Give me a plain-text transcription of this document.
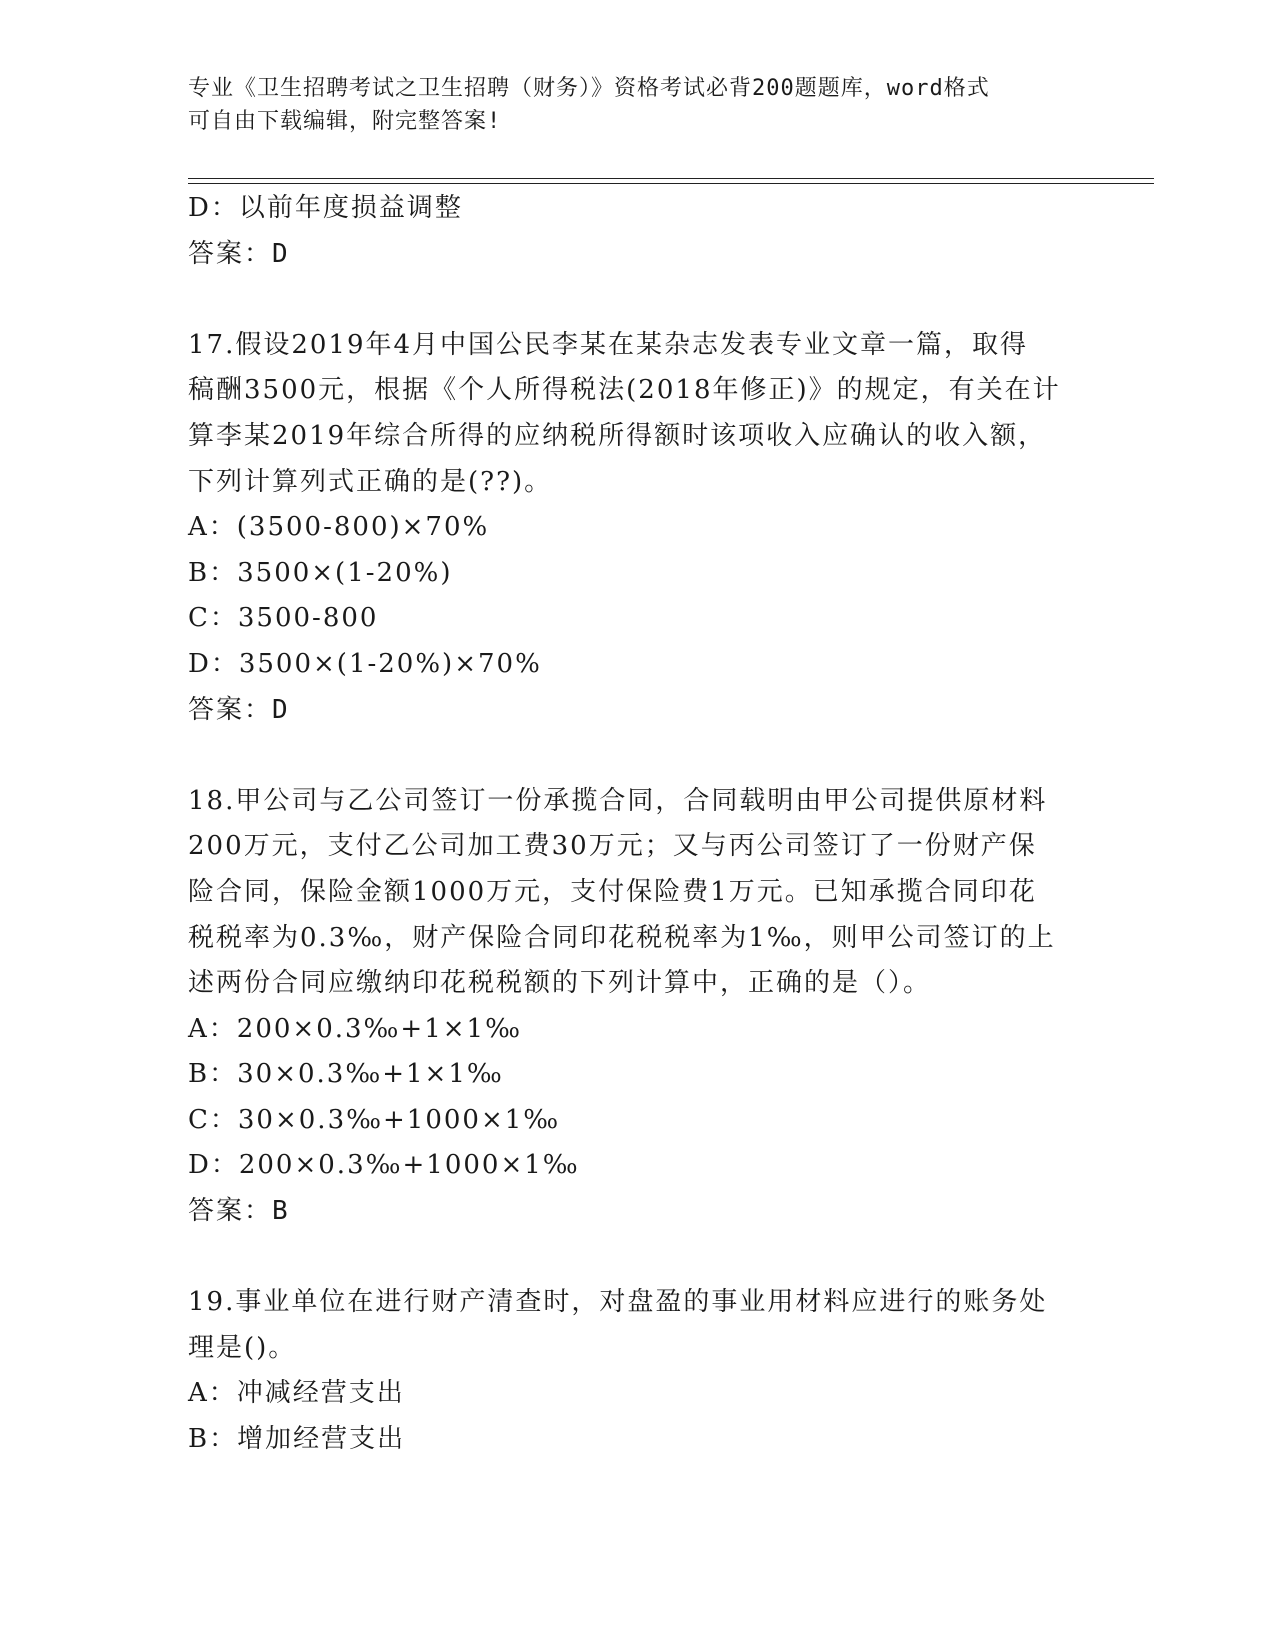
专业《卫生招聘考试之卫生招聘（财务）》资格考试必背200题题库，word格式
可自由下载编辑，附完整答案!
D：以前年度损益调整
答案：D
17.假设2019年4月中国公民李某在某杂志发表专业文章一篇，取得
稿酬3500元，根据《个人所得税法(2018年修正)》的规定，有关在计
算李某2019年综合所得的应纳税所得额时该项收入应确认的收入额，
下列计算列式正确的是(??)。
A：(3500-800)×70%
B：3500×(1-20%)
C：3500-800
D：3500×(1-20%)×70%
答案：D
18.甲公司与乙公司签订一份承揽合同，合同载明由甲公司提供原材料
200万元，支付乙公司加工费30万元；又与丙公司签订了一份财产保
险合同，保险金额1000万元，支付保险费1万元。已知承揽合同印花
税税率为0.3‰，财产保险合同印花税税率为1‰，则甲公司签订的上
述两份合同应缴纳印花税税额的下列计算中，正确的是（）。
A：200×0.3‰+1×1‰
B：30×0.3‰+1×1‰
C：30×0.3‰+1000×1‰
D：200×0.3‰+1000×1‰
答案：B
19.事业单位在进行财产清查时，对盘盈的事业用材料应进行的账务处
理是()。
A：冲减经营支出
B：增加经营支出
